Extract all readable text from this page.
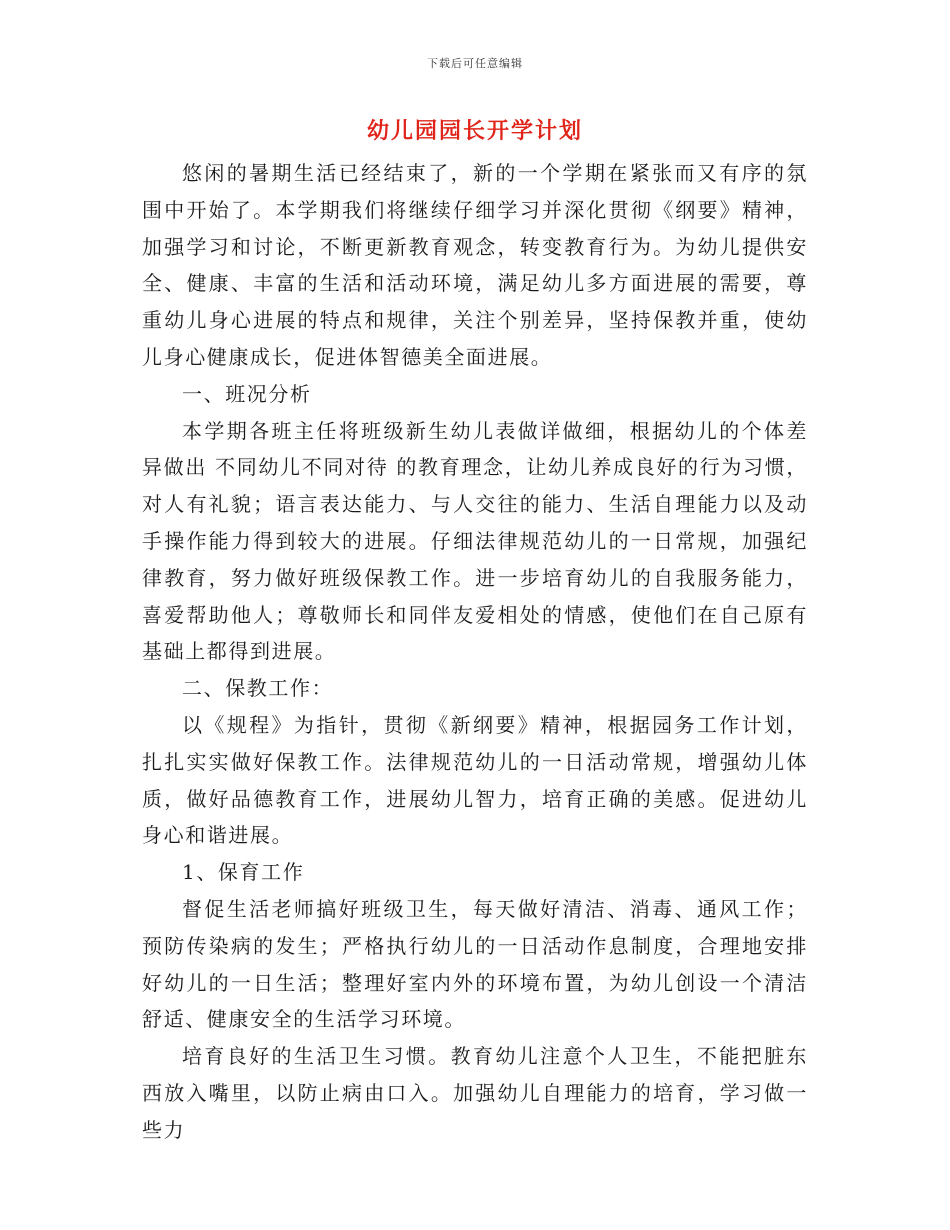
下载后可任意编辑
幼儿园园长开学计划

悠闲的暑期生活已经结束了，新的一个学期在紧张而又有序的氛围中开始了。本学期我们将继续仔细学习并深化贯彻《纲要》精神，加强学习和讨论，不断更新教育观念，转变教育行为。为幼儿提供安全、健康、丰富的生活和活动环境，满足幼儿多方面进展的需要，尊重幼儿身心进展的特点和规律，关注个别差异，坚持保教并重，使幼儿身心健康成长，促进体智德美全面进展。

一、班况分析

本学期各班主任将班级新生幼儿表做详做细，根据幼儿的个体差异做出 不同幼儿不同对待 的教育理念，让幼儿养成良好的行为习惯，对人有礼貌；语言表达能力、与人交往的能力、生活自理能力以及动手操作能力得到较大的进展。仔细法律规范幼儿的一日常规，加强纪律教育，努力做好班级保教工作。进一步培育幼儿的自我服务能力，喜爱帮助他人；尊敬师长和同伴友爱相处的情感，使他们在自己原有基础上都得到进展。

二、保教工作：

以《规程》为指针，贯彻《新纲要》精神，根据园务工作计划，扎扎实实做好保教工作。法律规范幼儿的一日活动常规，增强幼儿体质，做好品德教育工作，进展幼儿智力，培育正确的美感。促进幼儿身心和谐进展。

1、保育工作

督促生活老师搞好班级卫生，每天做好清洁、消毒、通风工作；预防传染病的发生；严格执行幼儿的一日活动作息制度，合理地安排好幼儿的一日生活；整理好室内外的环境布置，为幼儿创设一个清洁舒适、健康安全的生活学习环境。

培育良好的生活卫生习惯。教育幼儿注意个人卫生，不能把脏东西放入嘴里，以防止病由口入。加强幼儿自理能力的培育，学习做一些力
